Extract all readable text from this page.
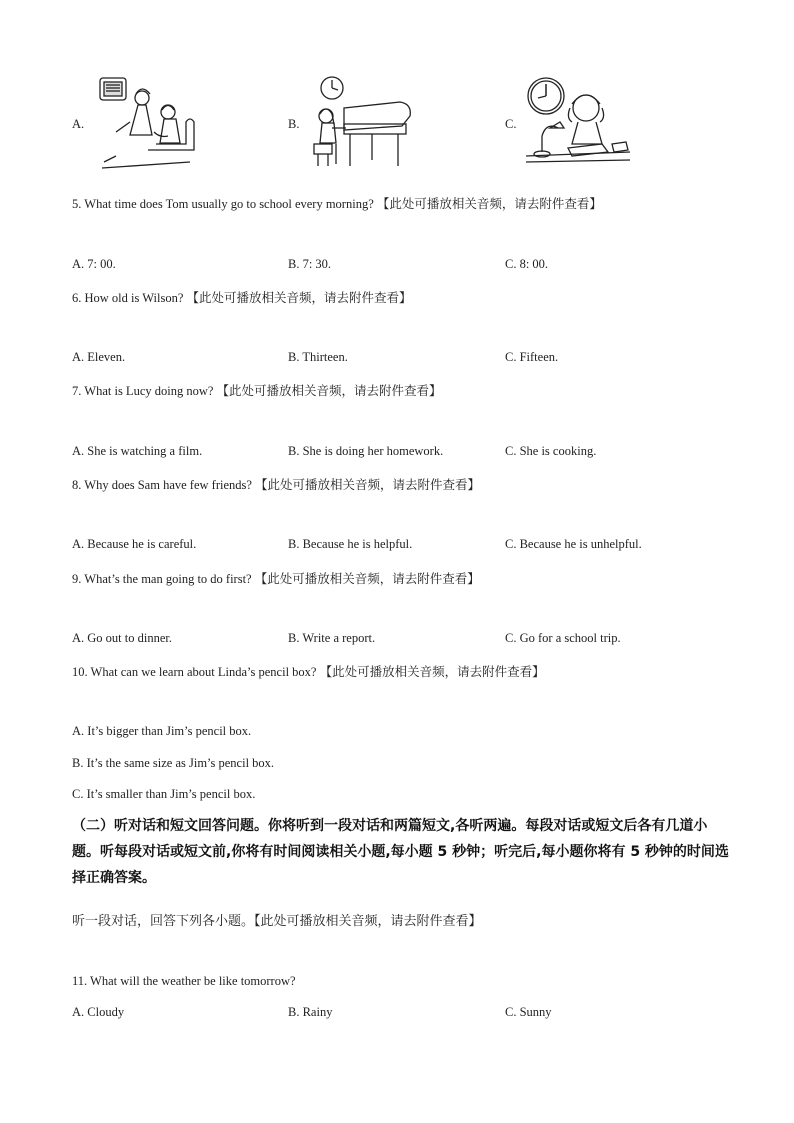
A.	B.	C.
5. What time does Tom usually go to school every morning? 【此处可播放相关音频，请去附件查看】
A. 7: 00.	B. 7: 30.	C. 8: 00.
6. How old is Wilson? 【此处可播放相关音频，请去附件查看】
A. Eleven.	B. Thirteen.	C. Fifteen.
7. What is Lucy doing now? 【此处可播放相关音频，请去附件查看】
A. She is watching a film.	B. She is doing her homework.	C. She is cooking.
8. Why does Sam have few friends? 【此处可播放相关音频，请去附件查看】
A. Because he is careful.	B. Because he is helpful.	C. Because he is unhelpful.
9. What’s the man going to do first? 【此处可播放相关音频，请去附件查看】
A. Go out to dinner.	B. Write a report.	C. Go for a school trip.
10. What can we learn about Linda’s pencil box? 【此处可播放相关音频，请去附件查看】
A. It’s bigger than Jim’s pencil box.
B. It’s the same size as Jim’s pencil box.
C. It’s smaller than Jim’s pencil box.
（二）听对话和短文回答问题。你将听到一段对话和两篇短文,各听两遍。每段对话或短文后各有几道小题。听每段对话或短文前,你将有时间阅读相关小题,每小题 5 秒钟；听完后,每小题你将有 5 秒钟的时间选择正确答案。
听一段对话，回答下列各小题。【此处可播放相关音频，请去附件查看】
11. What will the weather be like tomorrow?
A. Cloudy	B. Rainy	C. Sunny
